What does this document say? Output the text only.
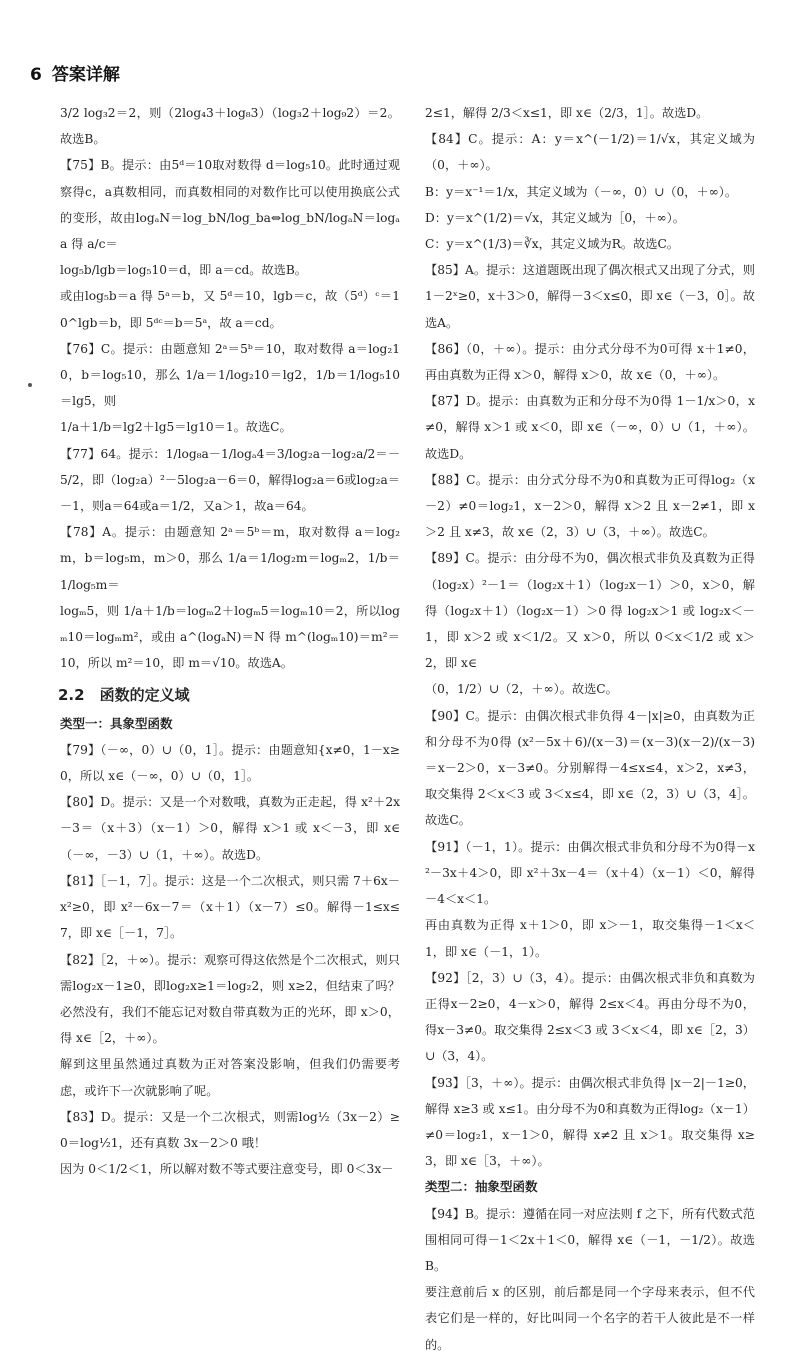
6 答案详解

3/2 log₃2＝2，则（2log₄3＋log₈3）（log₃2＋log₉2）＝2。故选B。

【75】B。提示：由5ᵈ＝10取对数得 d＝log₅10。此时通过观察得c，a真数相同，而真数相同的对数作比可以使用换底公式的变形，故由logₐN＝log_bN/log_ba⇔log_bN/logₐN＝logₐa 得 a/c＝

log₅b/lgb＝log₅10＝d，即 a＝cd。故选B。

或由log₅b＝a 得 5ᵃ＝b，又 5ᵈ＝10，lgb＝c，故（5ᵈ）ᶜ＝10^lgb＝b，即 5ᵈᶜ＝b＝5ᵃ，故 a＝cd。

【76】C。提示：由题意知 2ᵃ＝5ᵇ＝10，取对数得 a＝log₂10，b＝log₅10，那么 1/a＝1/log₂10＝lg2，1/b＝1/log₅10＝lg5，则

1/a＋1/b＝lg2＋lg5＝lg10＝1。故选C。

【77】64。提示：1/log₈a－1/logₐ4＝3/log₂a－log₂a/2＝－5/2，即（log₂a）²－5log₂a－6＝0，解得log₂a＝6或log₂a＝－1，则a＝64或a＝1/2，又a＞1，故a＝64。

【78】A。提示：由题意知 2ᵃ＝5ᵇ＝m，取对数得 a＝log₂m，b＝log₅m，m＞0，那么 1/a＝1/log₂m＝logₘ2，1/b＝1/log₅m＝

logₘ5，则 1/a＋1/b＝logₘ2＋logₘ5＝logₘ10＝2，所以logₘ10＝logₘm²，或由 a^(logₐN)＝N 得 m^(logₘ10)＝m²＝10，所以 m²＝10，即 m＝√10。故选A。

2.2　函数的定义域

类型一：具象型函数

【79】（－∞，0）∪（0，1］。提示：由题意知{x≠0，1－x≥0，所以 x∈（－∞，0）∪（0，1］。

【80】D。提示：又是一个对数哦，真数为正走起，得 x²＋2x－3＝（x＋3）（x－1）＞0，解得 x＞1 或 x＜－3，即 x∈（－∞，－3）∪（1，＋∞）。故选D。

【81】［－1，7］。提示：这是一个二次根式，则只需 7＋6x－x²≥0，即 x²－6x－7＝（x＋1）（x－7）≤0。解得－1≤x≤7，即 x∈［－1，7］。

【82】［2，＋∞）。提示：观察可得这依然是个二次根式，则只需log₂x－1≥0，即log₂x≥1＝log₂2，则 x≥2，但结束了吗？必然没有，我们不能忘记对数自带真数为正的光环，即 x＞0，得 x∈［2，＋∞）。

解到这里虽然通过真数为正对答案没影响，但我们仍需要考虑，或许下一次就影响了呢。

【83】D。提示：又是一个二次根式，则需log½（3x－2）≥0＝log½1，还有真数 3x－2＞0 哦！

因为 0＜1/2＜1，所以解对数不等式要注意变号，即 0＜3x－

2≤1，解得 2/3＜x≤1，即 x∈（2/3，1］。故选D。

【84】C。提示：A：y＝x^(－1/2)＝1/√x，其定义域为（0，＋∞）。

B：y＝x⁻¹＝1/x，其定义域为（－∞，0）∪（0，＋∞）。

D：y＝x^(1/2)＝√x，其定义域为［0，＋∞）。

C：y＝x^(1/3)＝∛x，其定义域为R。故选C。

【85】A。提示：这道题既出现了偶次根式又出现了分式，则1－2ˣ≥0，x＋3＞0，解得－3＜x≤0，即 x∈（－3，0］。故选A。

【86】（0，＋∞）。提示：由分式分母不为0可得 x＋1≠0，再由真数为正得 x＞0，解得 x＞0，故 x∈（0，＋∞）。

【87】D。提示：由真数为正和分母不为0得 1－1/x＞0，x≠0，解得 x＞1 或 x＜0，即 x∈（－∞，0）∪（1，＋∞）。故选D。

【88】C。提示：由分式分母不为0和真数为正可得log₂（x－2）≠0＝log₂1，x－2＞0，解得 x＞2 且 x－2≠1，即 x＞2 且 x≠3，故 x∈（2，3）∪（3，＋∞）。故选C。

【89】C。提示：由分母不为0，偶次根式非负及真数为正得（log₂x）²－1＝（log₂x＋1）（log₂x－1）＞0，x＞0，解得（log₂x＋1）（log₂x－1）＞0 得 log₂x＞1 或 log₂x＜－1，即 x＞2 或 x＜1/2。又 x＞0，所以 0＜x＜1/2 或 x＞2，即 x∈

（0，1/2）∪（2，＋∞）。故选C。

【90】C。提示：由偶次根式非负得 4－|x|≥0，由真数为正和分母不为0得 (x²－5x＋6)/(x－3)＝(x－3)(x－2)/(x－3)＝x－2＞0，x－3≠0。分别解得－4≤x≤4，x＞2，x≠3，取交集得 2＜x＜3 或 3＜x≤4，即 x∈（2，3）∪（3，4］。故选C。

【91】（－1，1）。提示：由偶次根式非负和分母不为0得－x²－3x＋4＞0，即 x²＋3x－4＝（x＋4）（x－1）＜0，解得－4＜x＜1。

再由真数为正得 x＋1＞0，即 x＞－1，取交集得－1＜x＜1，即 x∈（－1，1）。

【92】［2，3）∪（3，4）。提示：由偶次根式非负和真数为正得x－2≥0，4－x＞0，解得 2≤x＜4。再由分母不为0，得x－3≠0。取交集得 2≤x＜3 或 3＜x＜4，即 x∈［2，3）∪（3，4）。

【93】［3，＋∞）。提示：由偶次根式非负得 |x－2|－1≥0，解得 x≥3 或 x≤1。由分母不为0和真数为正得log₂（x－1）≠0＝log₂1，x－1＞0，解得 x≠2 且 x＞1。取交集得 x≥3，即 x∈［3，＋∞）。

类型二：抽象型函数

【94】B。提示：遵循在同一对应法则 f 之下，所有代数式范围相同可得－1＜2x＋1＜0，解得 x∈（－1，－1/2）。故选B。

要注意前后 x 的区别，前后都是同一个字母来表示，但不代表它们是一样的，好比叫同一个名字的若干人彼此是不一样的。
